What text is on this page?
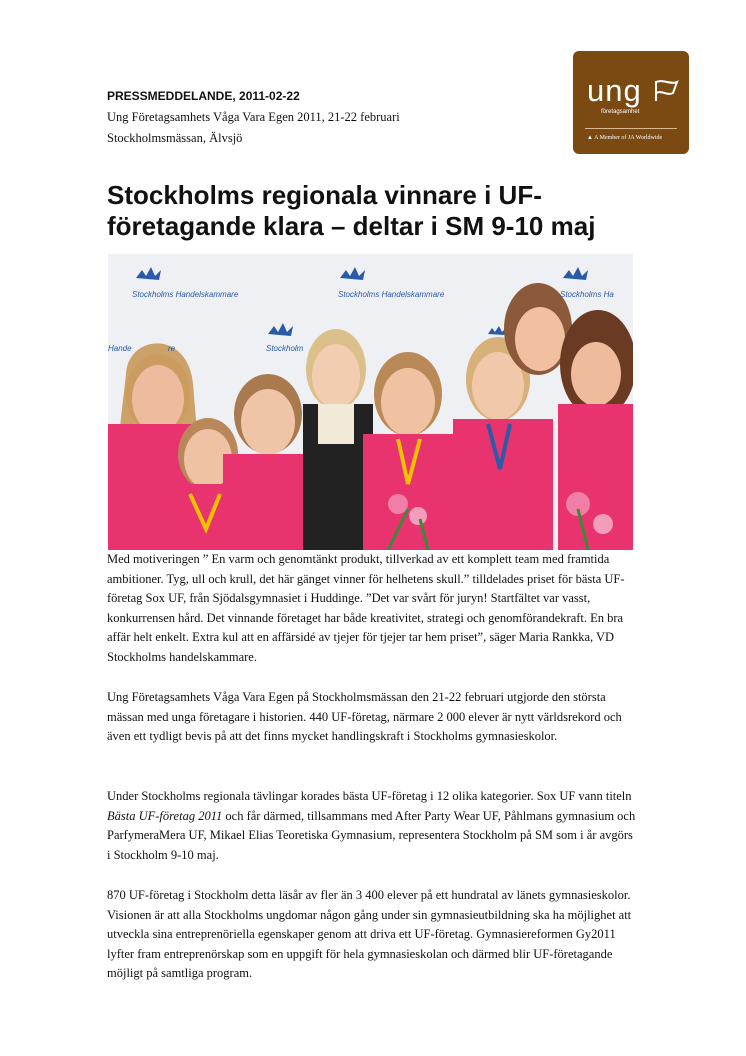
ung
företagsamhet
▲ A Member of JA Worldwide
PRESSMEDDELANDE, 2011-02-22
Ung Företagsamhets Våga Vara Egen 2011, 21-22 februari
Stockholmsmässan, Älvsjö
Stockholms regionala vinnare i UF-företagande klara – deltar i SM 9-10 maj
Stockholms Handelskammare	Stockholms Handelskammare	Stockholms Ha
Hande	re	Stockholm

Med motiveringen ” En varm och genomtänkt produkt, tillverkad av ett komplett team med framtida ambitioner. Tyg, ull och krull, det här gänget vinner för helhetens skull.” tilldelades priset för bästa UF-företag Sox UF, från Sjödalsgymnasiet i Huddinge. ”Det var svårt för juryn! Startfältet var vasst, konkurrensen hård. Det vinnande företaget har både kreativitet, strategi och genomförandekraft. En bra affär helt enkelt. Extra kul att en affärsidé av tjejer för tjejer tar hem priset”, säger Maria Rankka, VD Stockholms handelskammare.

Ung Företagsamhets Våga Vara Egen på Stockholmsmässan den 21-22 februari utgjorde den största mässan med unga företagare i historien. 440 UF-företag, närmare 2 000 elever är nytt världsrekord och även ett tydligt bevis på att det finns mycket handlingskraft i Stockholms gymnasieskolor.

Under Stockholms regionala tävlingar korades bästa UF-företag i 12 olika kategorier. Sox UF vann titeln Bästa UF-företag 2011 och får därmed, tillsammans med After Party Wear UF, Påhlmans gymnasium och ParfymeraMera UF, Mikael Elias Teoretiska Gymnasium, representera Stockholm på SM som i år avgörs i Stockholm 9-10 maj.

870 UF-företag i Stockholm detta läsår av fler än 3 400 elever på ett hundratal av länets gymnasieskolor. Visionen är att alla Stockholms ungdomar någon gång under sin gymnasieutbildning ska ha möjlighet att utveckla sina entreprenöriella egenskaper genom att driva ett UF-företag. Gymnasiereformen Gy2011 lyfter fram entreprenörskap som en uppgift för hela gymnasieskolan och därmed blir UF-företagande möjligt på samtliga program.
